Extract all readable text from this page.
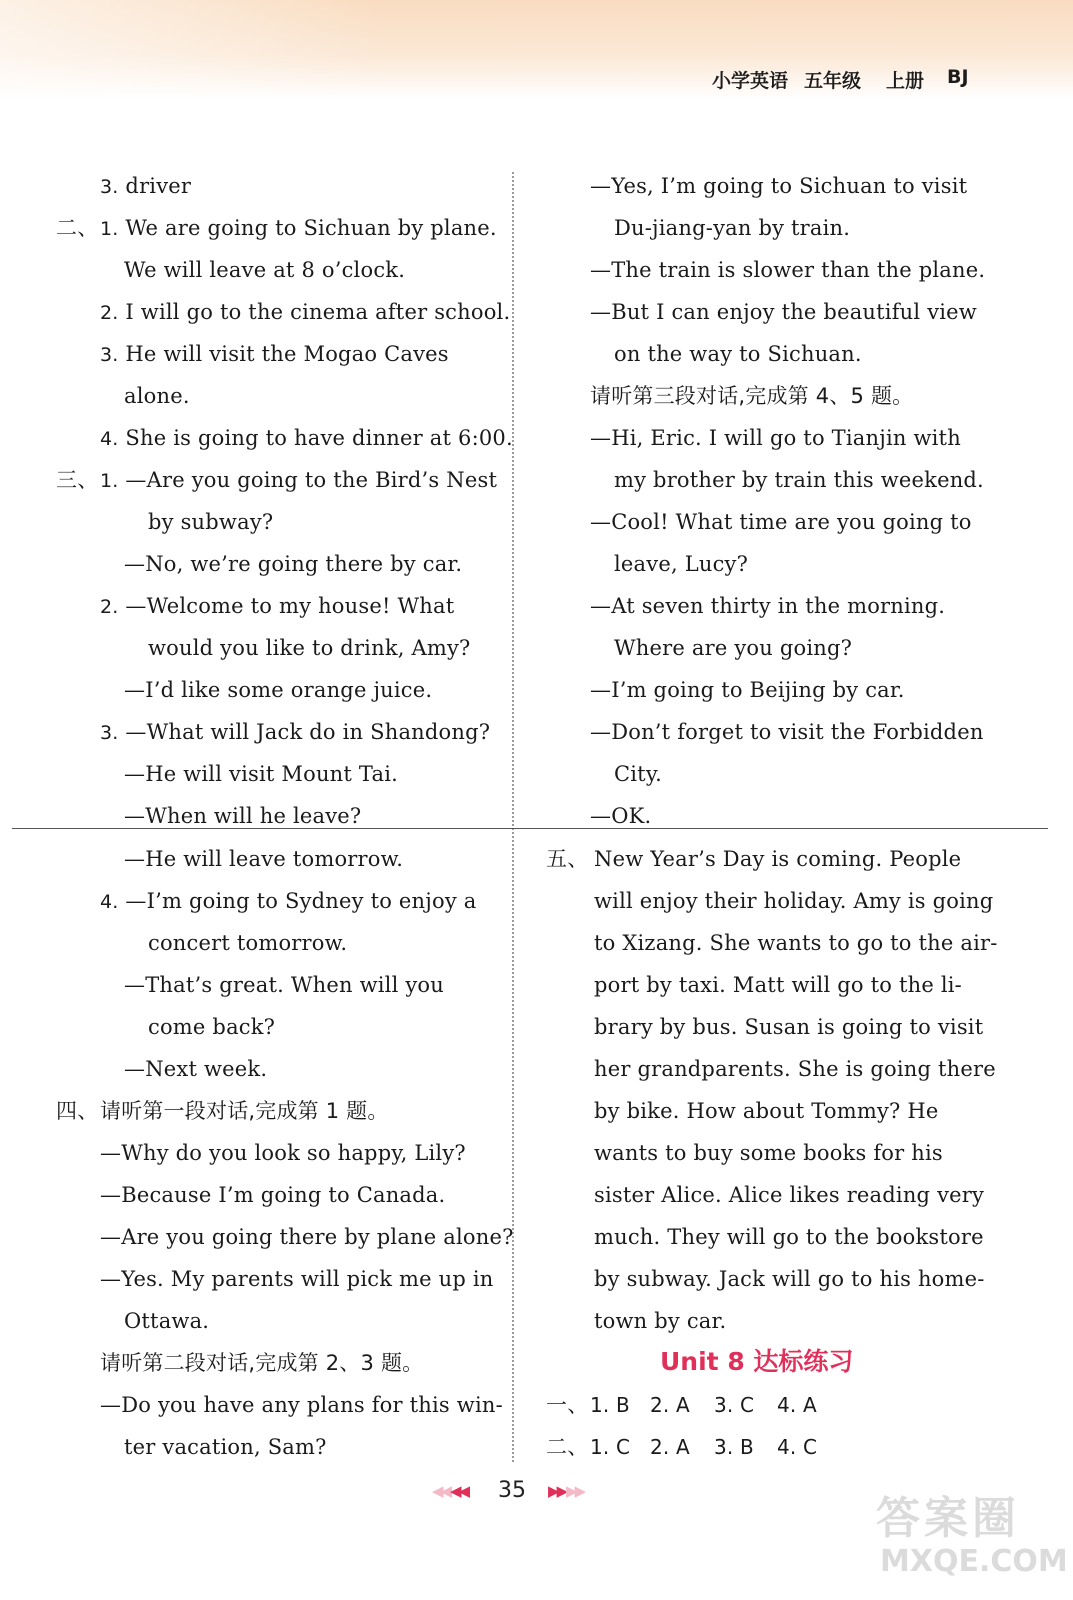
小学英语 五年级 上册 BJ
3. driver
二、 1. We are going to Sichuan by plane.
We will leave at 8 o’clock.
2. I will go to the cinema after school.
3. He will visit the Mogao Caves
alone.
4. She is going to have dinner at 6:00.
三、 1. —Are you going to the Bird’s Nest
by subway?
—No, we’re going there by car.
2. —Welcome to my house! What
would you like to drink, Amy?
—I’d like some orange juice.
3. —What will Jack do in Shandong?
—He will visit Mount Tai.
—When will he leave?
—He will leave tomorrow.
4. —I’m going to Sydney to enjoy a
concert tomorrow.
—That’s great. When will you
come back?
—Next week.
四、 请听第一段对话,完成第 1 题。
—Why do you look so happy, Lily?
—Because I’m going to Canada.
—Are you going there by plane alone?
—Yes. My parents will pick me up in
Ottawa.
请听第二段对话,完成第 2、3 题。
—Do you have any plans for this win-
ter vacation, Sam?
—Yes, I’m going to Sichuan to visit
Du-jiang-yan by train.
—The train is slower than the plane.
—But I can enjoy the beautiful view
on the way to Sichuan.
请听第三段对话,完成第 4、5 题。
—Hi, Eric. I will go to Tianjin with
my brother by train this weekend.
—Cool! What time are you going to
leave, Lucy?
—At seven thirty in the morning.
Where are you going?
—I’m going to Beijing by car.
—Don’t forget to visit the Forbidden
City.
—OK.
五、 New Year’s Day is coming. People
will enjoy their holiday. Amy is going
to Xizang. She wants to go to the air-
port by taxi. Matt will go to the li-
brary by bus. Susan is going to visit
her grandparents. She is going there
by bike. How about Tommy? He
wants to buy some books for his
sister Alice. Alice likes reading very
much. They will go to the bookstore
by subway. Jack will go to his home-
town by car.
Unit 8 达标练习
一、 1. B 2. A 3. C 4. A
二、 1. C 2. A 3. B 4. C
◀◀ ◀◀ 35 ▶▶ ▶▶
答案圈
MXQE.COM
